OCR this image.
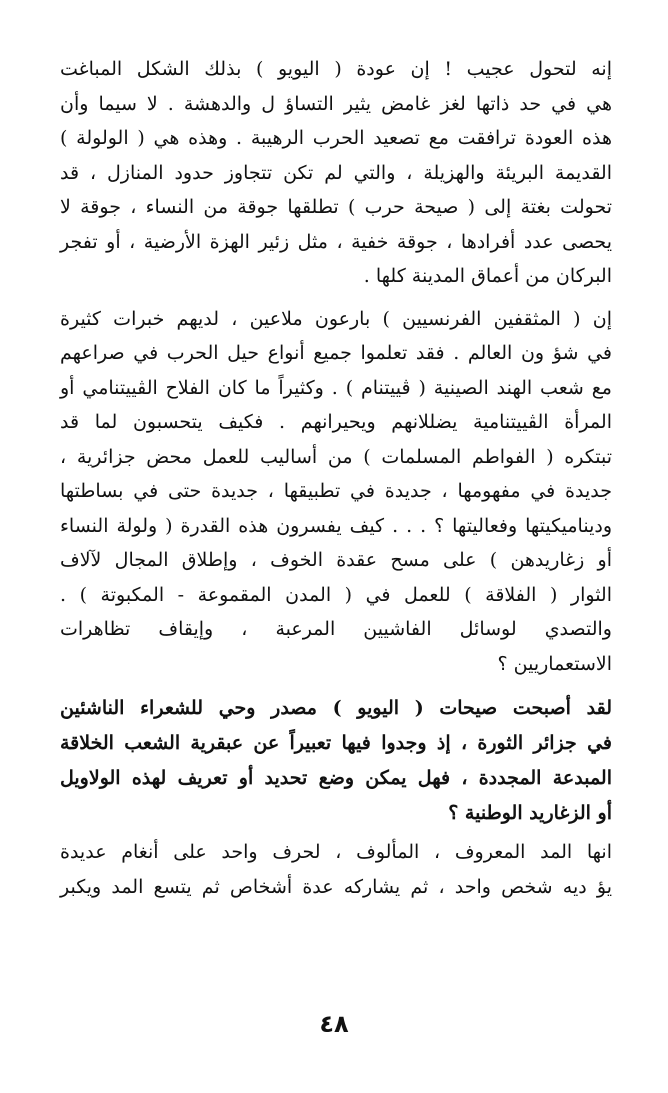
إنه لتحول عجيب ! إن عودة ( اليويو ) بذلك الشكل المباغت
هي في حد ذاتها لغز غامض يثير التساؤ ل والدهشة . لا سيما وأن
هذه العودة ترافقت مع تصعيد الحرب الرهيبة . وهذه هي ( الولولة )
القديمة البريئة والهزيلة ، والتي لم تكن تتجاوز حدود المنازل ، قد
تحولت بغتة إلى ( صيحة حرب ) تطلقها جوقة من النساء ، جوقة لا
يحصى عدد أفرادها ، جوقة خفية ، مثل زئير الهزة الأرضية ، أو تفجر
البركان من أعماق المدينة كلها .

إن ( المثقفين الفرنسيين ) بارعون ملاعين ، لديهم خبرات كثيرة
في شؤ ون العالم . فقد تعلموا جميع أنواع حيل الحرب في صراعهم
مع شعب الهند الصينية ( ڤييتنام ) . وكثيراً ما كان الفلاح الڤييتنامي أو
المرأة الڤييتنامية يضللانهم ويحيرانهم . فكيف يتحسبون لما قد
تبتكره ( الفواطم المسلمات ) من أساليب للعمل محض جزائرية ،
جديدة في مفهومها ، جديدة في تطبيقها ، جديدة حتى في بساطتها
وديناميكيتها وفعاليتها ؟ . . . كيف يفسرون هذه القدرة ( ولولة النساء
أو زغاريدهن ) على مسح عقدة الخوف ، وإطلاق المجال لآلاف
الثوار ( الفلاقة ) للعمل في ( المدن المقموعة - المكبوتة ) .
والتصدي لوسائل الفاشيين المرعبة ، وإيقاف تظاهرات
الاستعماريين ؟

لقد أصبحت صيحات ( اليويو ) مصدر وحي للشعراء الناشئين
في جزائر الثورة ، إذ وجدوا فيها تعبيراً عن عبقرية الشعب الخلاقة
المبدعة المجددة ، فهل يمكن وضع تحديد أو تعريف لهذه الولاويل
أو الزغاريد الوطنية ؟

انها المد المعروف ، المألوف ، لحرف واحد على أنغام عديدة
يؤ ديه شخص واحد ، ثم يشاركه عدة أشخاص ثم يتسع المد ويكبر

٤٨
